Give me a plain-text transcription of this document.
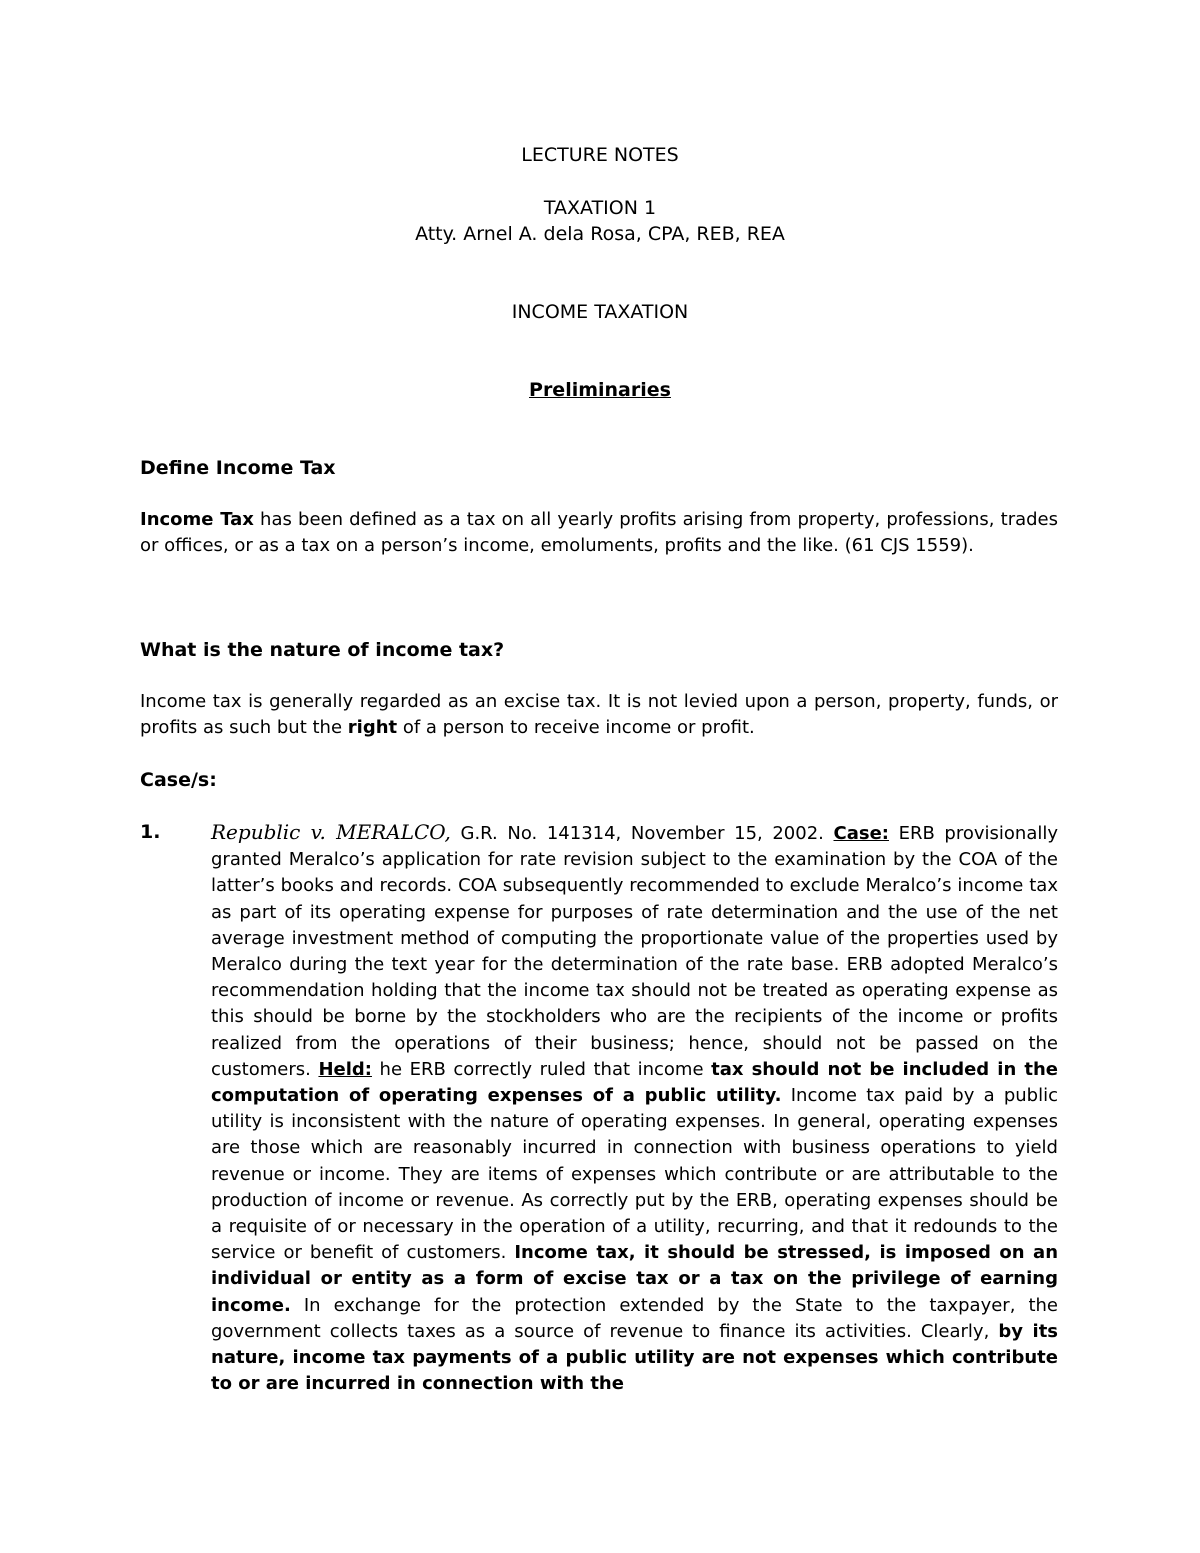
LECTURE NOTES
TAXATION 1
Atty. Arnel A. dela Rosa, CPA, REB, REA
INCOME TAXATION
Preliminaries
Define Income Tax
Income Tax has been defined as a tax on all yearly profits arising from property, professions, trades or offices, or as a tax on a person’s income, emoluments, profits and the like. (61 CJS 1559).
What is the nature of income tax?
Income tax is generally regarded as an excise tax. It is not levied upon a person, property, funds, or profits as such but the right of a person to receive income or profit.
Case/s:
1.	Republic v. MERALCO, G.R. No. 141314, November 15, 2002. Case: ERB provisionally granted Meralco’s application for rate revision subject to the examination by the COA of the latter’s books and records. COA subsequently recommended to exclude Meralco’s income tax as part of its operating expense for purposes of rate determination and the use of the net average investment method of computing the proportionate value of the properties used by Meralco during the text year for the determination of the rate base. ERB adopted Meralco’s recommendation holding that the income tax should not be treated as operating expense as this should be borne by the stockholders who are the recipients of the income or profits realized from the operations of their business; hence, should not be passed on the customers. Held: he ERB correctly ruled that income tax should not be included in the computation of operating expenses of a public utility. Income tax paid by a public utility is inconsistent with the nature of operating expenses. In general, operating expenses are those which are reasonably incurred in connection with business operations to yield revenue or income. They are items of expenses which contribute or are attributable to the production of income or revenue. As correctly put by the ERB, operating expenses should be a requisite of or necessary in the operation of a utility, recurring, and that it redounds to the service or benefit of customers. Income tax, it should be stressed, is imposed on an individual or entity as a form of excise tax or a tax on the privilege of earning income. In exchange for the protection extended by the State to the taxpayer, the government collects taxes as a source of revenue to finance its activities. Clearly, by its nature, income tax payments of a public utility are not expenses which contribute to or are incurred in connection with the
